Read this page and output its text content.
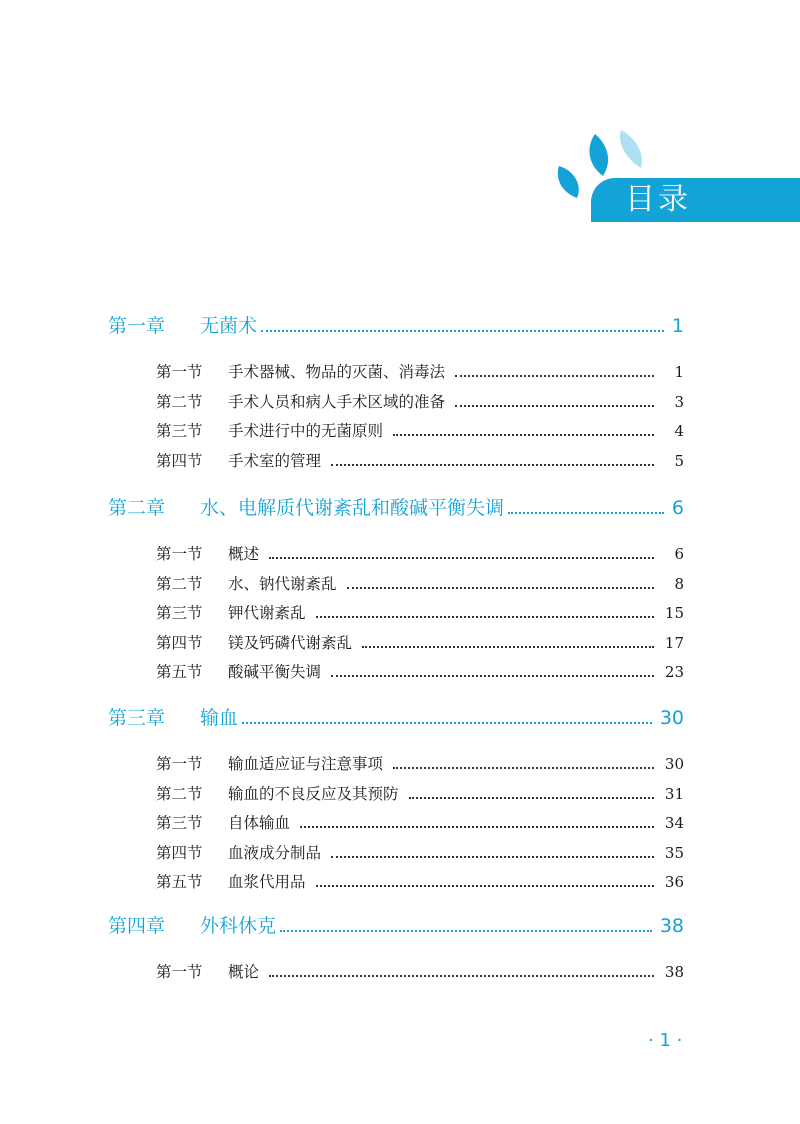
目录
第一章	无菌术	1
第一节	手术器械、物品的灭菌、消毒法	1
第二节	手术人员和病人手术区域的准备	3
第三节	手术进行中的无菌原则	4
第四节	手术室的管理	5
第二章	水、电解质代谢紊乱和酸碱平衡失调	6
第一节	概述	6
第二节	水、钠代谢紊乱	8
第三节	钾代谢紊乱	15
第四节	镁及钙磷代谢紊乱	17
第五节	酸碱平衡失调	23
第三章	输血	30
第一节	输血适应证与注意事项	30
第二节	输血的不良反应及其预防	31
第三节	自体输血	34
第四节	血液成分制品	35
第五节	血浆代用品	36
第四章	外科休克	38
第一节	概论	38
· 1 ·
